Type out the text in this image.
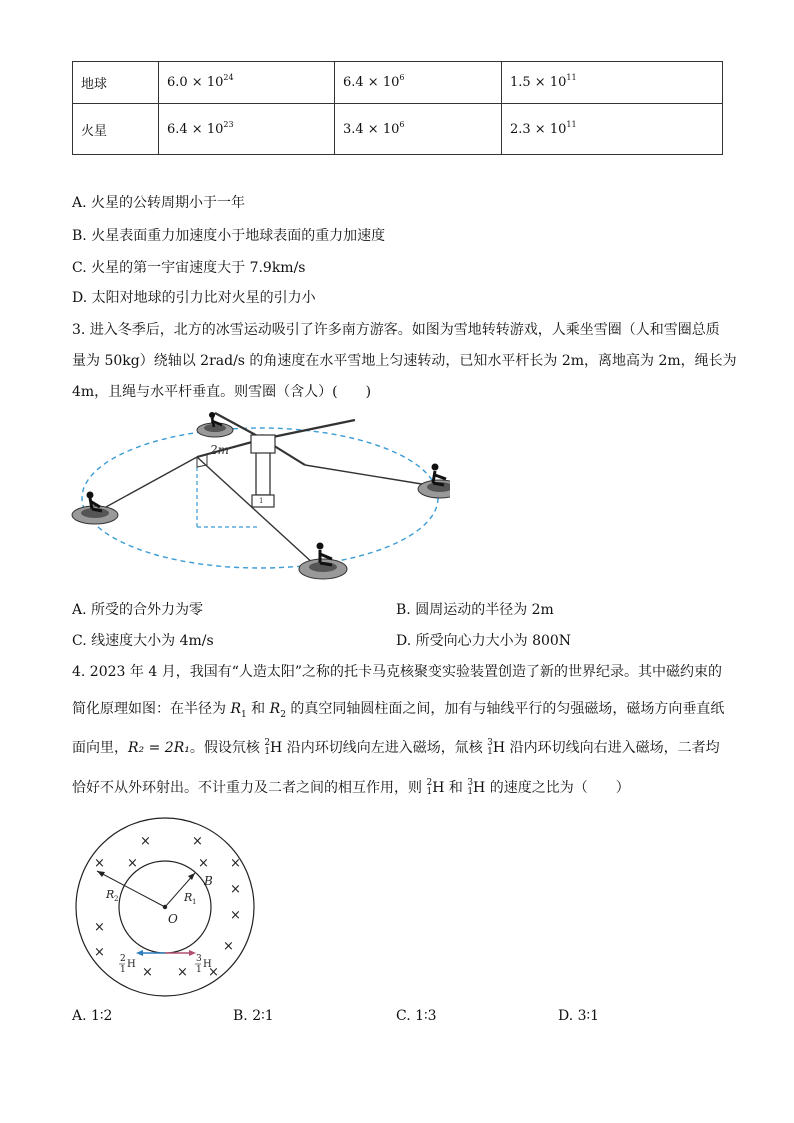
地球	$6.0 \times 10^{24}$	$6.4 \times 10^6$	$1.5 \times 10^{11}$
火星	$6.4 \times 10^{23}$	$3.4 \times 10^6$	$2.3 \times 10^{11}$
A. 火星的公转周期小于一年
B. 火星表面重力加速度小于地球表面的重力加速度
C. 火星的第一宇宙速度大于 7.9km/s
D. 太阳对地球的引力比对火星的引力小
3. 进入冬季后，北方的冰雪运动吸引了许多南方游客。如图为雪地转转游戏，人乘坐雪圈（人和雪圈总质
量为 50kg）绕轴以 2rad/s 的角速度在水平雪地上匀速转动，已知水平杆长为 2m，离地高为 2m，绳长为
4m，且绳与水平杆垂直。则雪圈（含人）(　　)
1
2m
A. 所受的合外力为零	B. 圆周运动的半径为 2m
C. 线速度大小为 4m/s	D. 所受向心力大小为 800N
4. 2023 年 4 月，我国有“人造太阳”之称的托卡马克核聚变实验装置创造了新的世界纪录。其中磁约束的
简化原理如图：在半径为 $R_1$ 和 $R_2$ 的真空同轴圆柱面之间，加有与轴线平行的匀强磁场，磁场方向垂直纸
面向里，R₂ = 2R₁。假设氘核 2
1H 沿内环切线向左进入磁场，氚核 3
1H 沿内环切线向右进入磁场，二者均
恰好不从外环射出。不计重力及二者之间的相互作用，则 2
1H 和 3
1H 的速度之比为（　　）
×	×
× ×	× ×
×
×
×
×	×
× × ×
B
O
R 2	R 1
2
1 H	3
1 H
A. 1∶2	B. 2∶1	C. 1∶3	D. 3∶1
